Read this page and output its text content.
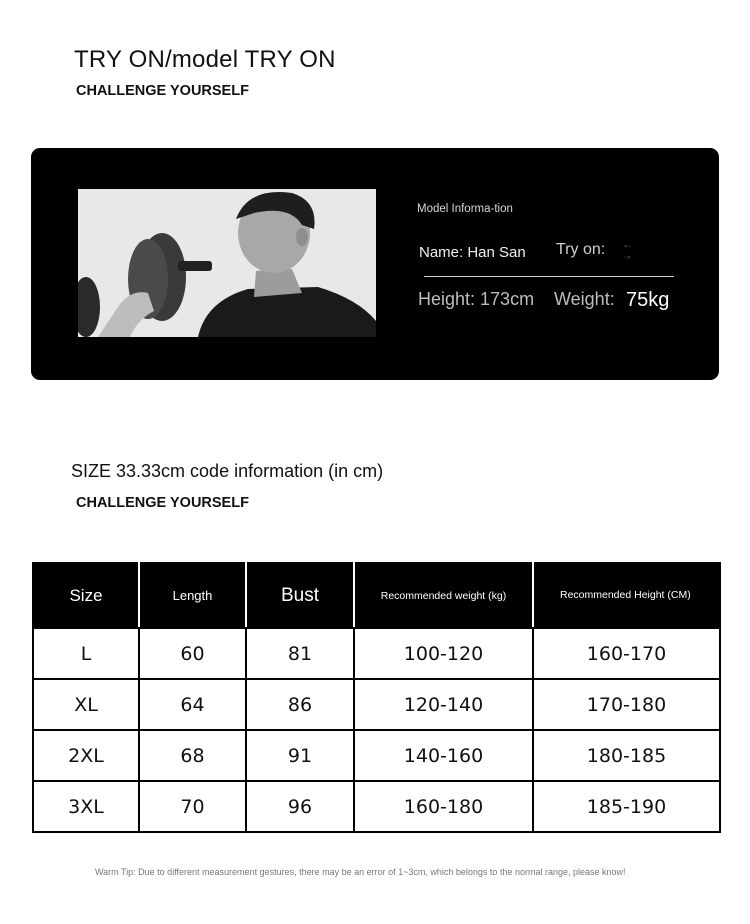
TRY ON/model TRY ON
CHALLENGE YOURSELF
Model Informa-tion
Name: Han San Try on: ▪▫
▫▪
Height: 173cm Weight: 75kg
SIZE 33.33cm code information (in cm)
CHALLENGE YOURSELF
Size	Length	Bust	Recommended weight (kg)	Recommended Height (CM)
L	60	81	100-120	160-170
XL	64	86	120-140	170-180
2XL	68	91	140-160	180-185
3XL	70	96	160-180	185-190
Warm Tip: Due to different measurement gestures, there may be an error of 1~3cm, which belongs to the normal range, please know!
